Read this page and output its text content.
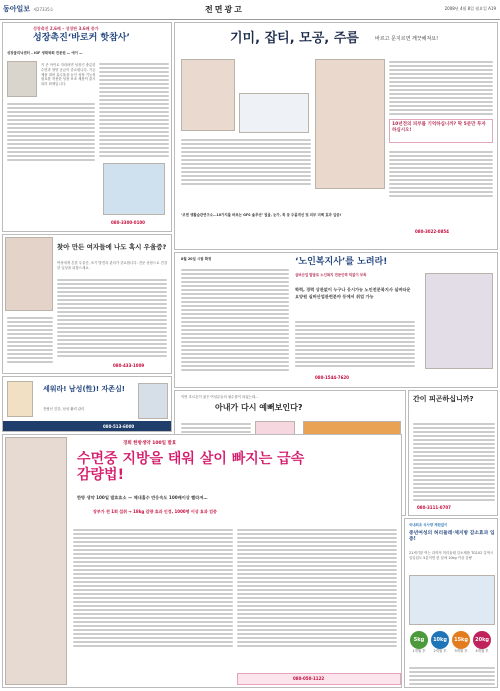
동아일보 제27335호	전면광고	2008년 4월 8일 월요일 A19
성장촉진 2.6배 – 성장판 3.6배 증가
성장촉진‘바로커 핫참사’
성장클리닉센터 – IGF 생태학회 전문원 — 에이 —
키 큰 아이로 자라려면 성장기 충분한 수면과 영양 공급이 중요합니다. 기존 제품 대비 흡수율을 높인 성장 기능성 원료를 적용한 성장 보조 제품이 출시되어 화제입니다.
080-3300-0100
찾아 만든 여자들에 나도 혹시 우울증?
여성에게 흔한 우울증, 조기 발견과 관리가 중요합니다. 전문 상담으로 건강한 일상을 되찾으세요.
080-433-1009
세워라! 남성(性)! 자존심!
전립선 건강, 남성 활력 관리
080-513-6000
기미, 잡티, 모공, 주름	바르고 문지르면 깨끗해져요!
10년전의 피부를 기억하십니까? 딱 5분만 투자하십시오!
‘코엔 생활습관연구소…10가지를 바르는 GFS 솔루션’ 얼굴, 눈가, 목 등 주름개선 및 피부 미백 효과 입증!
080-3022-0854
8월 20일 시험 확정	‘노인복지사’를 노려라!
실버산업 발달로 노인복지 전문인력 턱없이 부족
학력, 경력 상관없이 누구나 응시가능 노인전문복지사 실버타운 요양원 실버산업관련분야 등에서 취업 가능
080-1544-7620
이번 호르몬이 젊은 여성분들의 필수품이 되었는데…
아내가 다시 예뻐보인다?
간이 피곤하십니까?
080-3111-0707
경희 한방생약 100일 발효
수면중 지방을 태워 살이 빠지는 급속감량법!
한방 생약 100일 발효효소 — 체내흡수 반응속도 100배이상 빨라져…
장부가 전 1회 섭취 → 18kg 감량 효과 인정, 1000명 이상 효과 검증
080-050-1122
국내최초 식사량 제한없이
중년여성의 허리둘레·체지방 감소효과 입증!
21세기를 여는 과학적 허리둘레 감소제품 TG102 갈색시 일일섭도 5분이면 한 달에 10kg 이상 감량
5kg
1개월 후
10kg
2개월 후
15kg
3개월 후
20kg
4개월 후
